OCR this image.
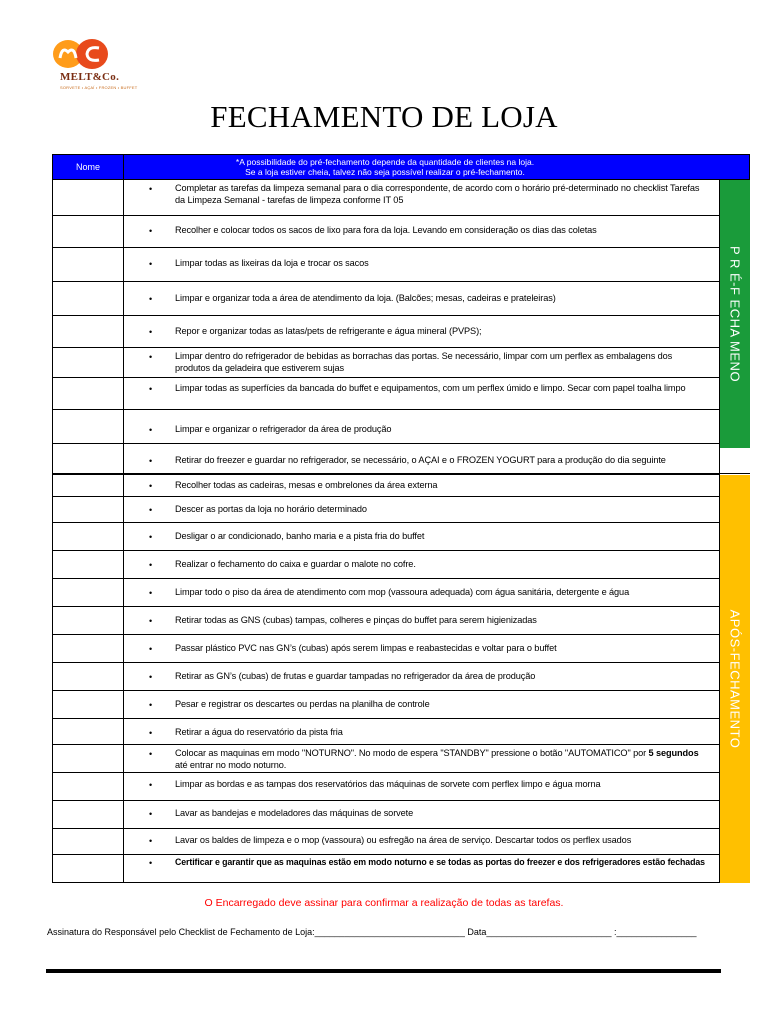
MELT&Co.
SORVETE • AÇAÍ • FROZEN • BUFFET
FECHAMENTO DE LOJA
Nome	*A possibilidade do pré-fechamento depende da quantidade de clientes na loja.
Se a loja estiver cheia, talvez não seja possível realizar o pré-fechamento.
• Completar as tarefas da limpeza semanal para o dia correspondente, de acordo com o horário pré-determinado no checklist Tarefas da Limpeza Semanal - tarefas de limpeza conforme IT 05
• Recolher e colocar todos os sacos de lixo para fora da loja. Levando em consideração os dias das coletas
• Limpar todas as lixeiras da loja e trocar os sacos
• Limpar e organizar toda a área de atendimento da loja. (Balcões; mesas, cadeiras e prateleiras)
• Repor e organizar todas as latas/pets de refrigerante e água mineral (PVPS);
• Limpar dentro do refrigerador de bebidas as borrachas das portas. Se necessário, limpar com um perflex as embalagens dos produtos da geladeira que estiverem sujas
• Limpar todas as superfícies da bancada do buffet e equipamentos, com um perflex úmido e limpo. Secar com papel toalha limpo
• Limpar e organizar o refrigerador da área de produção
• Retirar do freezer e guardar no refrigerador, se necessário, o AÇAI e o FROZEN YOGURT para a produção do dia seguinte
• Recolher todas as cadeiras, mesas e ombrelones da área externa
• Descer as portas da loja no horário determinado
• Desligar o ar condicionado, banho maria e a pista fria do buffet
• Realizar o fechamento do caixa e guardar o malote no cofre.
• Limpar todo o piso da área de atendimento com mop (vassoura adequada) com água sanitária, detergente e água
• Retirar todas as GNS (cubas) tampas, colheres e pinças do buffet para serem higienizadas
• Passar plástico PVC nas GN’s (cubas) após serem limpas e reabastecidas e voltar para o buffet
• Retirar as GN’s (cubas) de frutas e guardar tampadas no refrigerador da área de produção
• Pesar e registrar os descartes ou perdas na planilha de controle
• Retirar a água do reservatório da pista fria
• Colocar as maquinas em modo "NOTURNO". No modo de espera "STANDBY" pressione o botão "AUTOMATICO" por 5 segundos até entrar no modo noturno.
• Limpar as bordas e as tampas dos reservatórios das máquinas de sorvete com perflex limpo e água morna
• Lavar as bandejas e modeladores das máquinas de sorvete
• Lavar os baldes de limpeza e o mop (vassoura) ou esfregão na área de serviço. Descartar todos os perflex usados
•	Certificar e garantir que as maquinas estão em modo noturno e se todas as portas do freezer e dos refrigeradores estão fechadas
P R É-F ECHA MENO
APÓS-FECHAMENTO
O Encarregado deve assinar para confirmar a realização de todas as tarefas.
Assinatura do Responsável pelo Checklist de Fechamento de Loja:______________________________ Data_________________________ :________________
